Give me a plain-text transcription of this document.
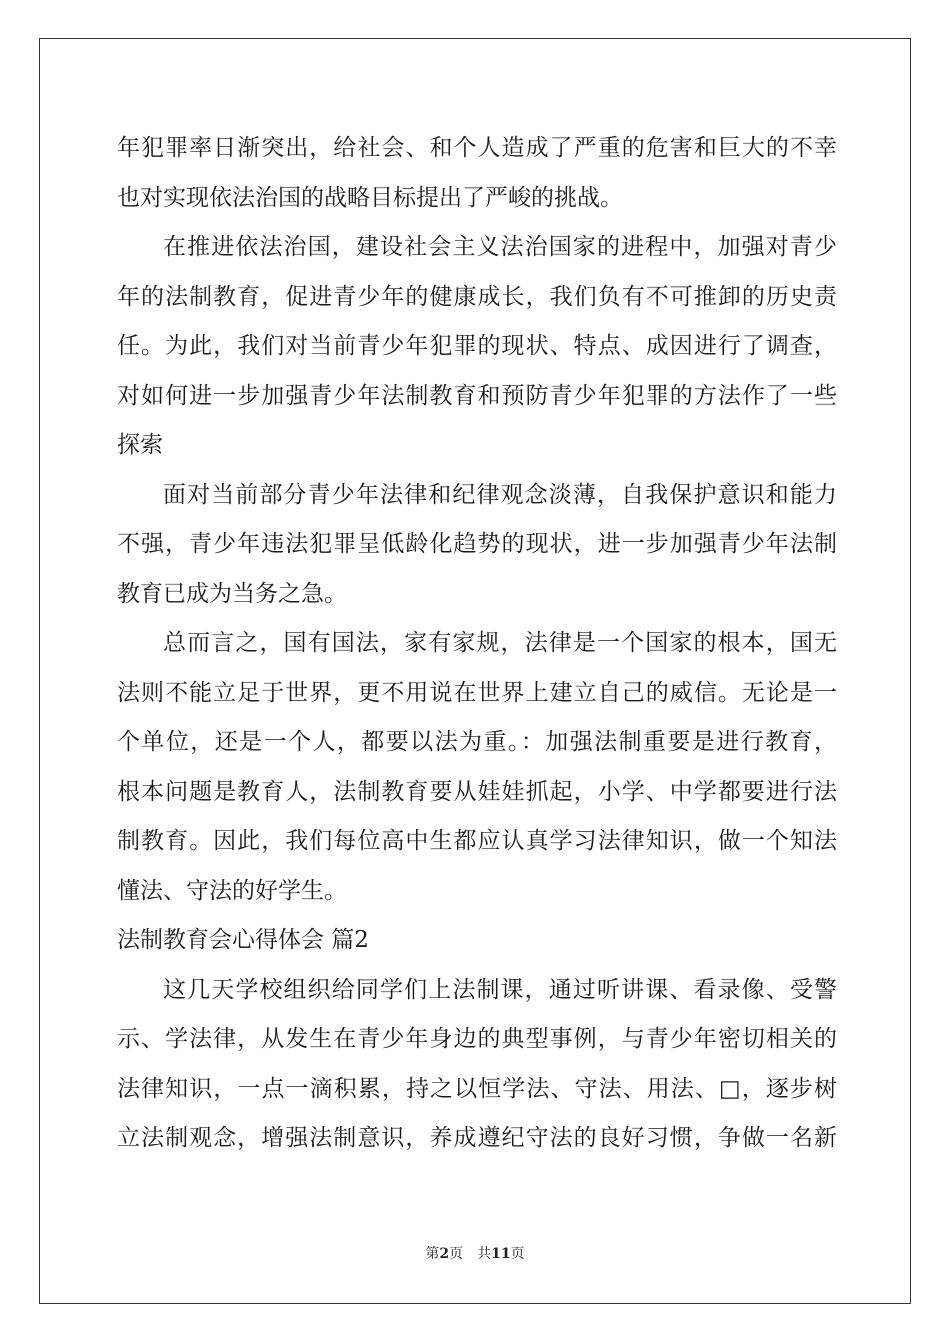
年犯罪率日渐突出，给社会、和个人造成了严重的危害和巨大的不幸
也对实现依法治国的战略目标提出了严峻的挑战。
在推进依法治国，建设社会主义法治国家的进程中，加强对青少
年的法制教育，促进青少年的健康成长，我们负有不可推卸的历史责
任。为此，我们对当前青少年犯罪的现状、特点、成因进行了调查，
对如何进一步加强青少年法制教育和预防青少年犯罪的方法作了一些
探索
面对当前部分青少年法律和纪律观念淡薄，自我保护意识和能力
不强，青少年违法犯罪呈低龄化趋势的现状，进一步加强青少年法制
教育已成为当务之急。
总而言之，国有国法，家有家规，法律是一个国家的根本，国无
法则不能立足于世界，更不用说在世界上建立自己的威信。无论是一
个单位，还是一个人，都要以法为重。：加强法制重要是进行教育，
根本问题是教育人，法制教育要从娃娃抓起，小学、中学都要进行法
制教育。因此，我们每位高中生都应认真学习法律知识，做一个知法
懂法、守法的好学生。
法制教育会心得体会 篇2
这几天学校组织给同学们上法制课，通过听讲课、看录像、受警
示、学法律，从发生在青少年身边的典型事例，与青少年密切相关的
法律知识，一点一滴积累，持之以恒学法、守法、用法、□，逐步树
立法制观念，增强法制意识，养成遵纪守法的良好习惯，争做一名新
第2页 共11页
